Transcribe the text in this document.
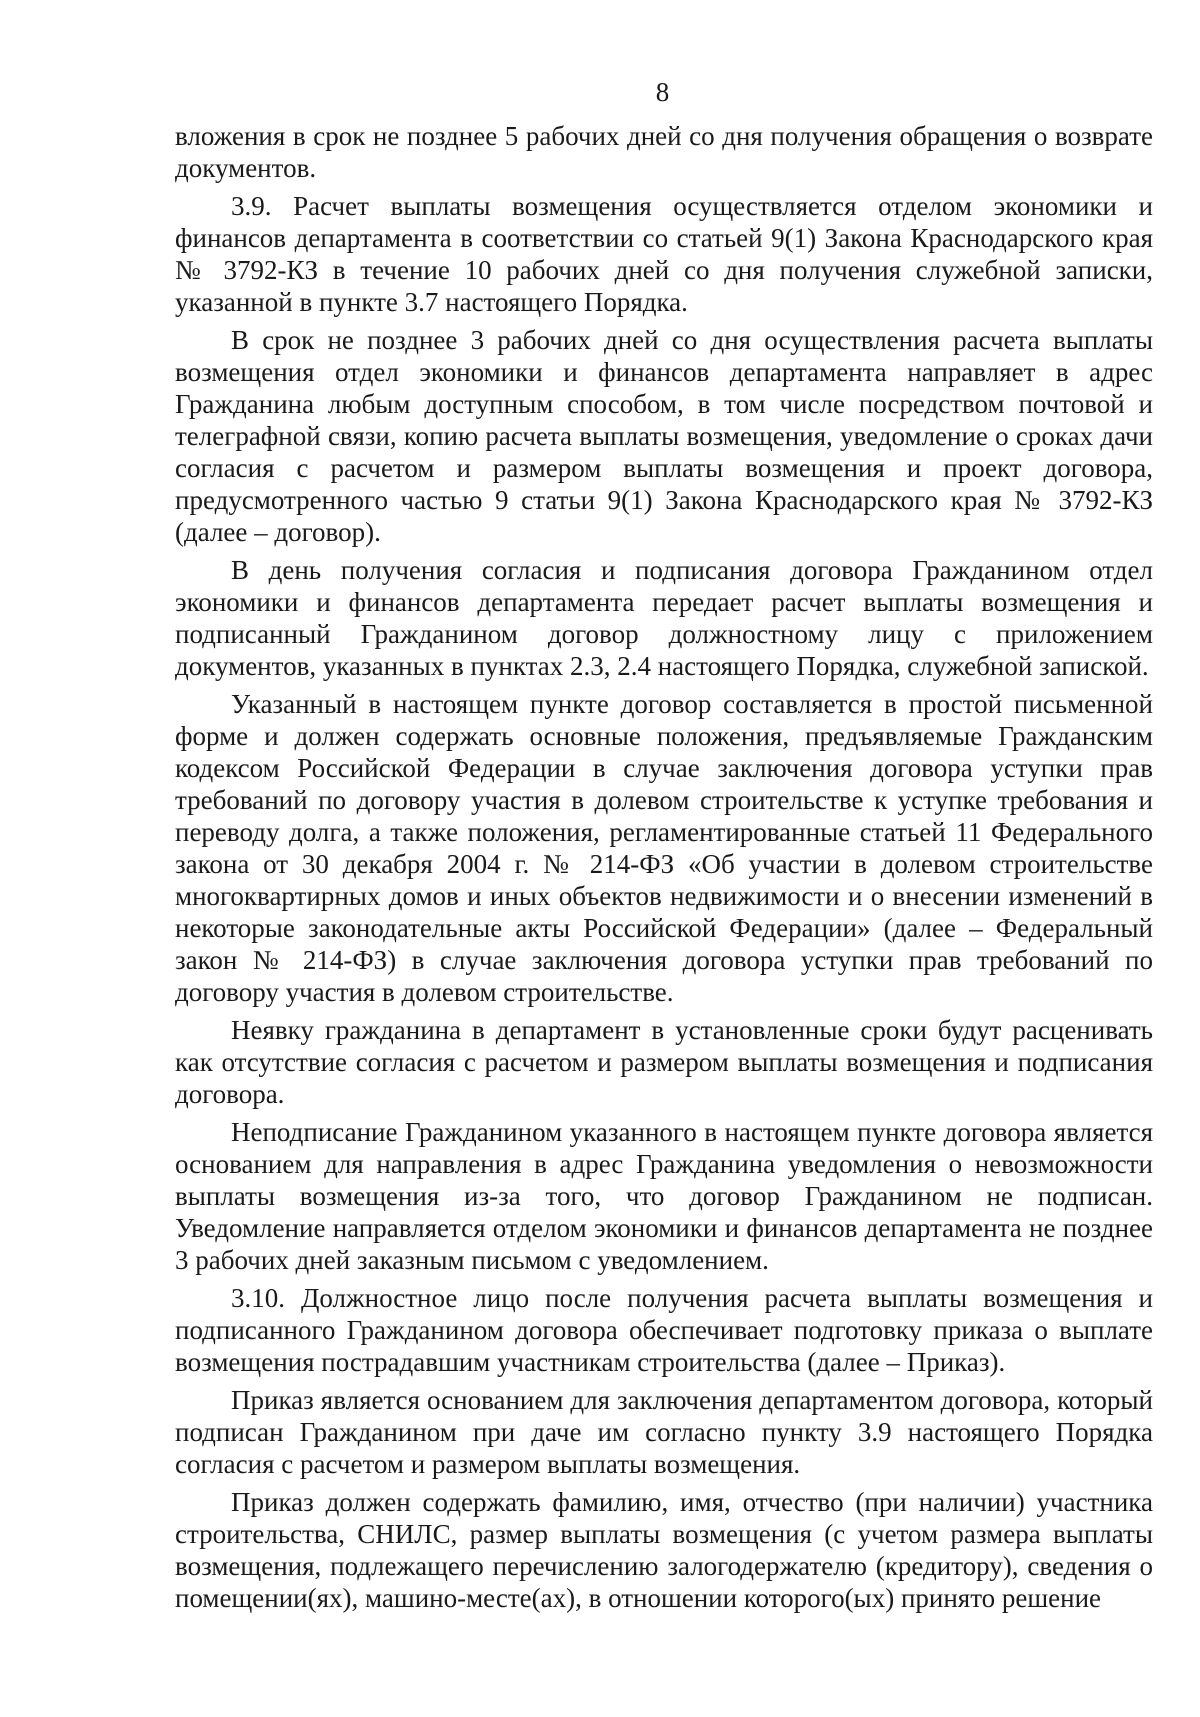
8

вложения в срок не позднее 5 рабочих дней со дня получения обращения о возврате документов.

3.9. Расчет выплаты возмещения осуществляется отделом экономики и финансов департамента в соответствии со статьей 9(1) Закона Краснодарского края № 3792-КЗ в течение 10 рабочих дней со дня получения служебной записки, указанной в пункте 3.7 настоящего Порядка.

В срок не позднее 3 рабочих дней со дня осуществления расчета выплаты возмещения отдел экономики и финансов департамента направляет в адрес Гражданина любым доступным способом, в том числе посредством почтовой и телеграфной связи, копию расчета выплаты возмещения, уведомление о сроках дачи согласия с расчетом и размером выплаты возмещения и проект договора, предусмотренного частью 9 статьи 9(1) Закона Краснодарского края № 3792-КЗ (далее – договор).

В день получения согласия и подписания договора Гражданином отдел экономики и финансов департамента передает расчет выплаты возмещения и подписанный Гражданином договор должностному лицу с приложением документов, указанных в пунктах 2.3, 2.4 настоящего Порядка, служебной запиской.

Указанный в настоящем пункте договор составляется в простой письменной форме и должен содержать основные положения, предъявляемые Гражданским кодексом Российской Федерации в случае заключения договора уступки прав требований по договору участия в долевом строительстве к уступке требования и переводу долга, а также положения, регламентированные статьей 11 Федерального закона от 30 декабря 2004 г. № 214-ФЗ «Об участии в долевом строительстве многоквартирных домов и иных объектов недвижимости и о внесении изменений в некоторые законодательные акты Российской Федерации» (далее – Федеральный закон № 214-ФЗ) в случае заключения договора уступки прав требований по договору участия в долевом строительстве.

Неявку гражданина в департамент в установленные сроки будут расценивать как отсутствие согласия с расчетом и размером выплаты возмещения и подписания договора.

Неподписание Гражданином указанного в настоящем пункте договора является основанием для направления в адрес Гражданина уведомления о невозможности выплаты возмещения из-за того, что договор Гражданином не подписан. Уведомление направляется отделом экономики и финансов департамента не позднее 3 рабочих дней заказным письмом с уведомлением.

3.10. Должностное лицо после получения расчета выплаты возмещения и подписанного Гражданином договора обеспечивает подготовку приказа о выплате возмещения пострадавшим участникам строительства (далее – Приказ).

Приказ является основанием для заключения департаментом договора, который подписан Гражданином при даче им согласно пункту 3.9 настоящего Порядка согласия с расчетом и размером выплаты возмещения.

Приказ должен содержать фамилию, имя, отчество (при наличии) участника строительства, СНИЛС, размер выплаты возмещения (с учетом размера выплаты возмещения, подлежащего перечислению залогодержателю (кредитору), сведения о помещении(ях), машино-месте(ах), в отношении которого(ых) принято решение
